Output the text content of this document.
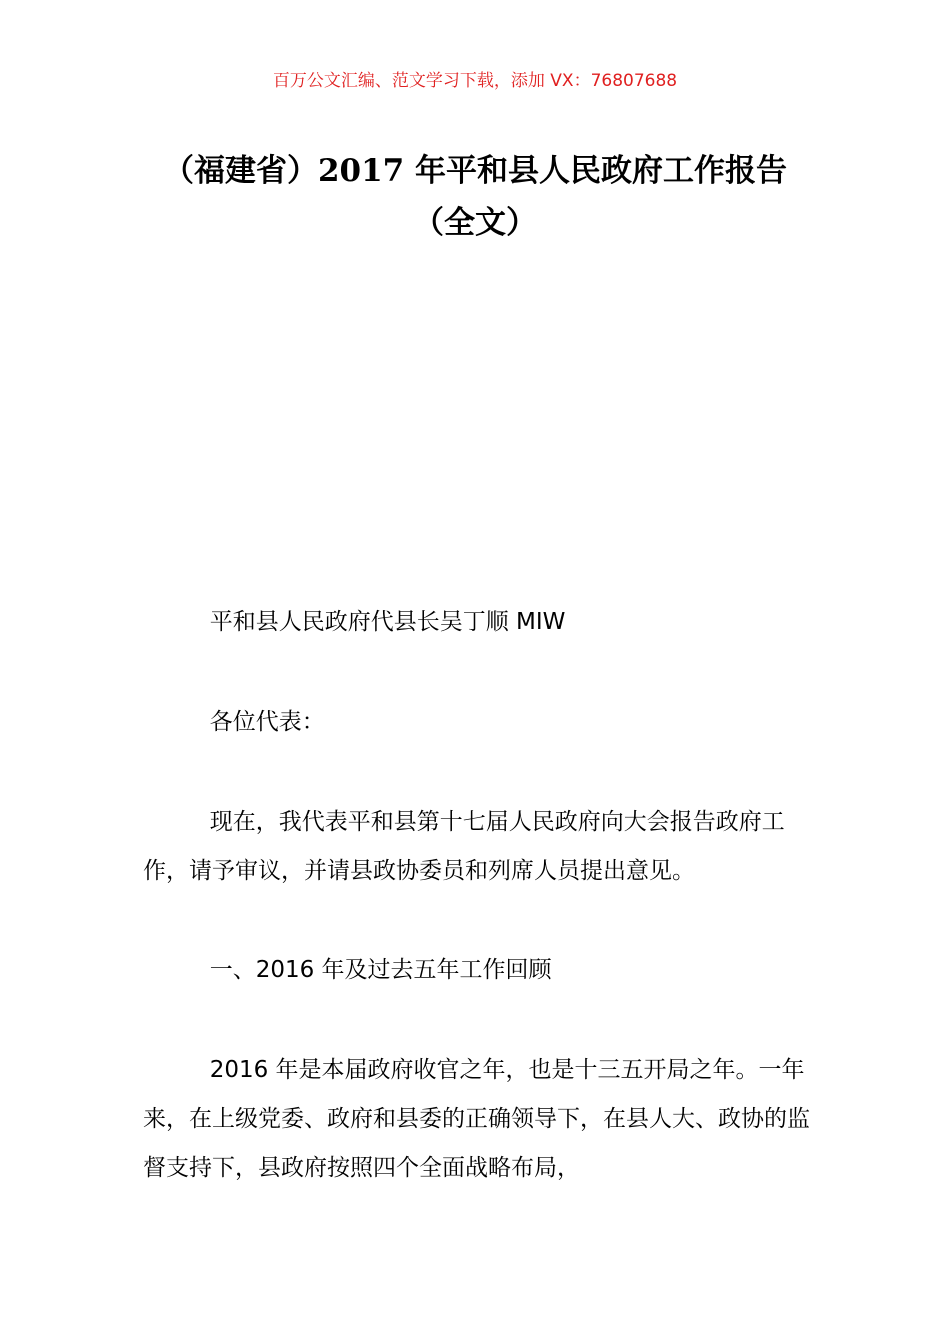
百万公文汇编、范文学习下载，添加 VX：76807688
（福建省）2017 年平和县人民政府工作报告（全文）

平和县人民政府代县长吴丁顺 MIW

各位代表：

现在，我代表平和县第十七届人民政府向大会报告政府工作，请予审议，并请县政协委员和列席人员提出意见。

一、2016 年及过去五年工作回顾

2016 年是本届政府收官之年，也是十三五开局之年。一年来，在上级党委、政府和县委的正确领导下，在县人大、政协的监督支持下，县政府按照四个全面战略布局，
